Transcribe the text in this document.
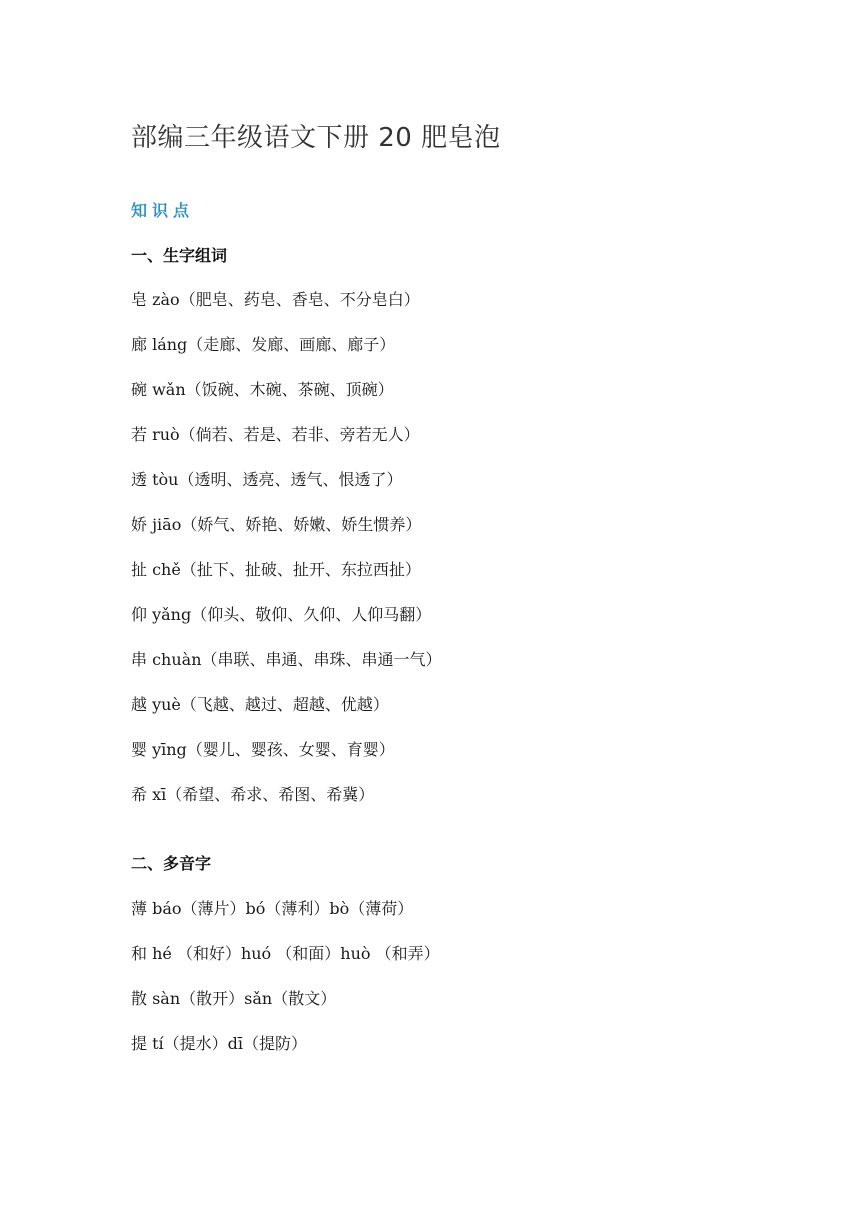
部编三年级语文下册 20 肥皂泡
知识点
一、生字组词
皂 zào（肥皂、药皂、香皂、不分皂白）
廊 láng（走廊、发廊、画廊、廊子）
碗 wǎn（饭碗、木碗、茶碗、顶碗）
若 ruò（倘若、若是、若非、旁若无人）
透 tòu（透明、透亮、透气、恨透了）
娇 jiāo（娇气、娇艳、娇嫩、娇生惯养）
扯 chě（扯下、扯破、扯开、东拉西扯）
仰 yǎng（仰头、敬仰、久仰、人仰马翻）
串 chuàn（串联、串通、串珠、串通一气）
越 yuè（飞越、越过、超越、优越）
婴 yīng（婴儿、婴孩、女婴、育婴）
希 xī（希望、希求、希图、希冀）
二、多音字
薄 báo（薄片）bó（薄利）bò（薄荷）
和 hé （和好）huó （和面）huò （和弄）
散 sàn（散开）sǎn（散文）
提 tí（提水）dī（提防）
